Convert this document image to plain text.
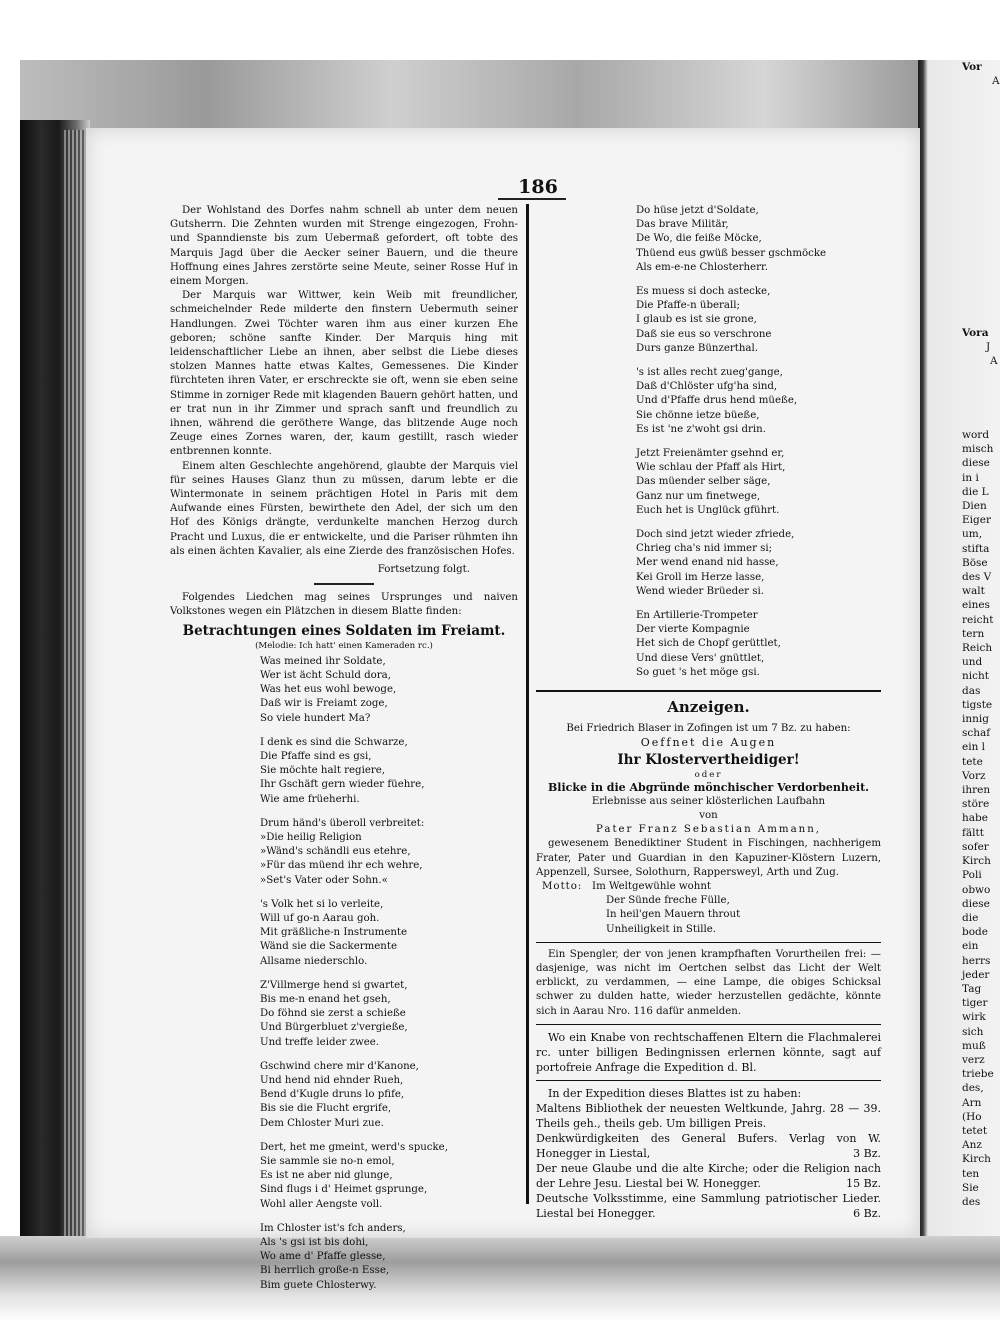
Vor
A
Vora
J
A
word
misch
diese
in i
die L
Dien
Eiger
um,
stifta
Böse
des V
walt
eines
reicht
tern
Reich
und
nicht
das
tigste
innig
schaf
ein l
tete
Vorz
ihren
störe
habe
fältt
sofer
Kirch
Poli
obwo
diese
die
bode
ein
herrs
jeder
Tag
tiger
wirk
sich
muß
verz
triebe
des,
Arn
(Ho
tetet
Anz
Kirch
ten
Sie
des
186

Der Wohlstand des Dorfes nahm schnell ab unter dem neuen Gutsherrn. Die Zehnten wurden mit Strenge eingezogen, Frohn- und Spanndienste bis zum Uebermaß gefordert, oft tobte des Marquis Jagd über die Aecker seiner Bauern, und die theure Hoffnung eines Jahres zerstörte seine Meute, seiner Rosse Huf in einem Morgen.

Der Marquis war Wittwer, kein Weib mit freundlicher, schmeichelnder Rede milderte den finstern Uebermuth seiner Handlungen. Zwei Töchter waren ihm aus einer kurzen Ehe geboren; schöne sanfte Kinder. Der Marquis hing mit leidenschaftlicher Liebe an ihnen, aber selbst die Liebe dieses stolzen Mannes hatte etwas Kaltes, Gemessenes. Die Kinder fürchteten ihren Vater, er erschreckte sie oft, wenn sie eben seine Stimme in zorniger Rede mit klagenden Bauern gehört hatten, und er trat nun in ihr Zimmer und sprach sanft und freundlich zu ihnen, während die gerötheте Wange, das blitzende Auge noch Zeuge eines Zornes waren, der, kaum gestillt, rasch wieder entbrennen konnte.

Einem alten Geschlechte angehörend, glaubte der Marquis viel für seines Hauses Glanz thun zu müssen, darum lebte er die Wintermonate in seinem prächtigen Hotel in Paris mit dem Aufwande eines Fürsten, bewirthete den Adel, der sich um den Hof des Königs drängte, verdunkelte manchen Herzog durch Pracht und Luxus, die er entwickelte, und die Pariser rühmten ihn als einen ächten Kavalier, als eine Zierde des französischen Hofes.

Fortsetzung folgt.

Folgendes Liedchen mag seines Ursprunges und naiven Volkstones wegen ein Plätzchen in diesem Blatte finden:

Betrachtungen eines Soldaten im Freiamt.

(Melodie: Ich hatt' einen Kameraden rc.)

Was meined ihr Soldate,
Wer ist ächt Schuld dora,
Was het eus wohl bewoge,
Daß wir is Freiamt zoge,
So viele hundert Ma?
I denk es sind die Schwarze,
Die Pfaffe sind es gsi,
Sie möchte halt regiere,
Ihr Gschäft gern wieder füehre,
Wie ame früeherhi.
Drum händ's überoll verbreitet:
»Die heilig Religion
»Wänd's schändli eus etehre,
»Für das müend ihr ech wehre,
»Set's Vater oder Sohn.«
's Volk het si lo verleite,
Will uf go-n Aarau goh.
Mit gräßliche-n Instrumente
Wänd sie die Sackermente
Allsame niederschlo.
Z'Villmerge hend si gwartet,
Bis me-n enand het gseh,
Do föhnd sie zerst a schieße
Und Bürgerbluet z'vergieße,
Und treffe leider zwee.
Gschwind chere mir d'Kanone,
Und hend nid ehnder Rueh,
Bend d'Kugle druns lo pfife,
Bis sie die Flucht ergrife,
Dem Chloster Muri zue.
Dert, het me gmeint, werd's spucke,
Sie sammle sie no-n emol,
Es ist ne aber nid glunge,
Sind flugs i d' Heimet gsprunge,
Wohl aller Aengste voll.
Im Chloster ist's fch anders,
Als 's gsi ist bis dohi,
Wo ame d' Pfaffe glesse,
Bi herrlich große-n Esse,
Bim guete Chlosterwy.
Do hüse jetzt d'Soldate,
Das brave Militär,
De Wo, die feiße Möcke,
Thüend eus gwüß besser gschmöcke
Als em-e-ne Chlosterherr.
Es muess si doch astecke,
Die Pfaffe-n überall;
I glaub es ist sie grone,
Daß sie eus so verschrone
Durs ganze Bünzerthal.
's ist alles recht zueg'gange,
Daß d'Chlöster ufg'ha sind,
Und d'Pfaffe drus hend müeße,
Sie chönne ietze büeße,
Es ist 'ne z'woht gsi drin.
Jetzt Freienämter gsehnd er,
Wie schlau der Pfaff als Hirt,
Das müender selber säge,
Ganz nur um finetwege,
Euch het is Unglück gführt.
Doch sind jetzt wieder zfriede,
Chrieg cha's nid immer si;
Mer wend enand nid hasse,
Kei Groll im Herze lasse,
Wend wieder Brüeder si.
En Artillerie-Trompeter
Der vierte Kompagnie
Het sich de Chopf gerüttlet,
Und diese Vers' gnüttlet,
So guet 's het möge gsi.

Anzeigen.

Bei Friedrich Blaser in Zofingen ist um 7 Bz. zu haben:

Oeffnet die Augen

Ihr Klostervertheidiger!

oder

Blicke in die Abgründe mönchischer Verdorbenheit.

Erlebnisse aus seiner klösterlichen Laufbahn

von

Pater Franz Sebastian Ammann,

gewesenem Benediktiner Student in Fischingen, nachherigem Frater, Pater und Guardian in den Kapuziner-Klöstern Luzern, Appenzell, Sursee, Solothurn, Rappersweyl, Arth und Zug.

Motto: Im Weltgewühle wohnt
Der Sünde freche Fülle,
In heil'gen Mauern throut
Unheiligkeit in Stille.

Ein Spengler, der von jenen krampfhaften Vorurtheilen frei: — dasjenige, was nicht im Oertchen selbst das Licht der Welt erblickt, zu verdammen, — eine Lampe, die obiges Schicksal schwer zu dulden hatte, wieder herzustellen gedächte, könnte sich in Aarau Nro. 116 dafür anmelden.

Wo ein Knabe von rechtschaffenen Eltern die Flachmalerei rc. unter billigen Bedingnissen erlernen könnte, sagt auf portofreie Anfrage die Expedition d. Bl.

In der Expedition dieses Blattes ist zu haben:

Maltens Bibliothek der neuesten Weltkunde, Jahrg. 28 — 39. Theils geh., theils geb. Um billigen Preis.

Denkwürdigkeiten des General Bufers. Verlag von W. Honegger in Liestal,	3 Bz.

Der neue Glaube und die alte Kirche; oder die Religion nach der Lehre Jesu. Liestal bei W. Honegger.	15 Bz.

Deutsche Volksstimme, eine Sammlung patriotischer Lieder. Liestal bei Honegger.	6 Bz.
